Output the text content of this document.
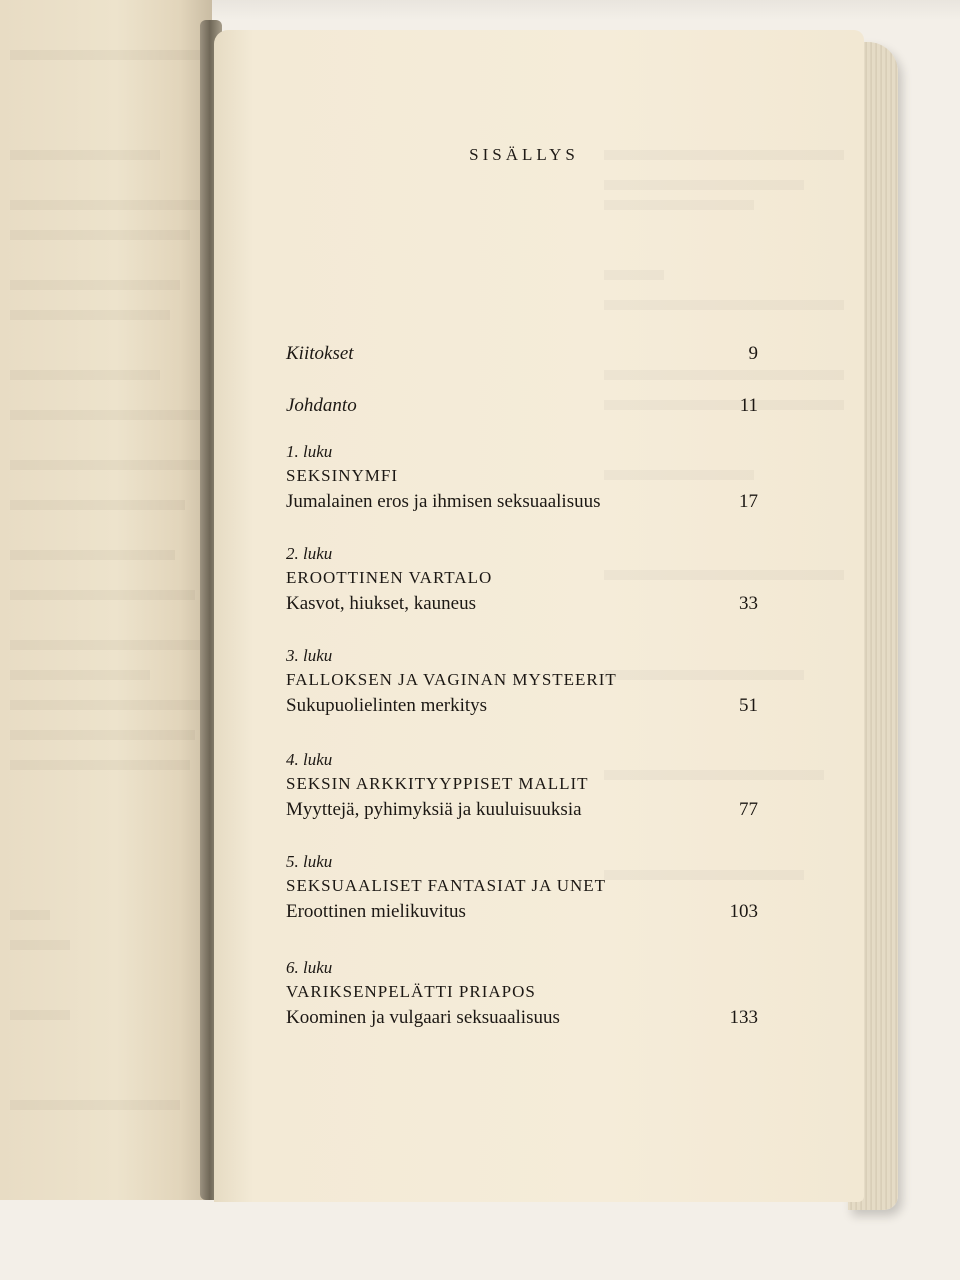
SISÄLLYS
Kiitokset	9
Johdanto	11
1. luku
SEKSINYMFI
Jumalainen eros ja ihmisen seksuaalisuus	17
2. luku
EROOTTINEN VARTALO
Kasvot, hiukset, kauneus	33
3. luku
FALLOKSEN JA VAGINAN MYSTEERIT
Sukupuolielinten merkitys	51
4. luku
SEKSIN ARKKITYYPPISET MALLIT
Myyttejä, pyhimyksiä ja kuuluisuuksia	77
5. luku
SEKSUAALISET FANTASIAT JA UNET
Eroottinen mielikuvitus	103
6. luku
VARIKSENPELÄTTI PRIAPOS
Koominen ja vulgaari seksuaalisuus	133
